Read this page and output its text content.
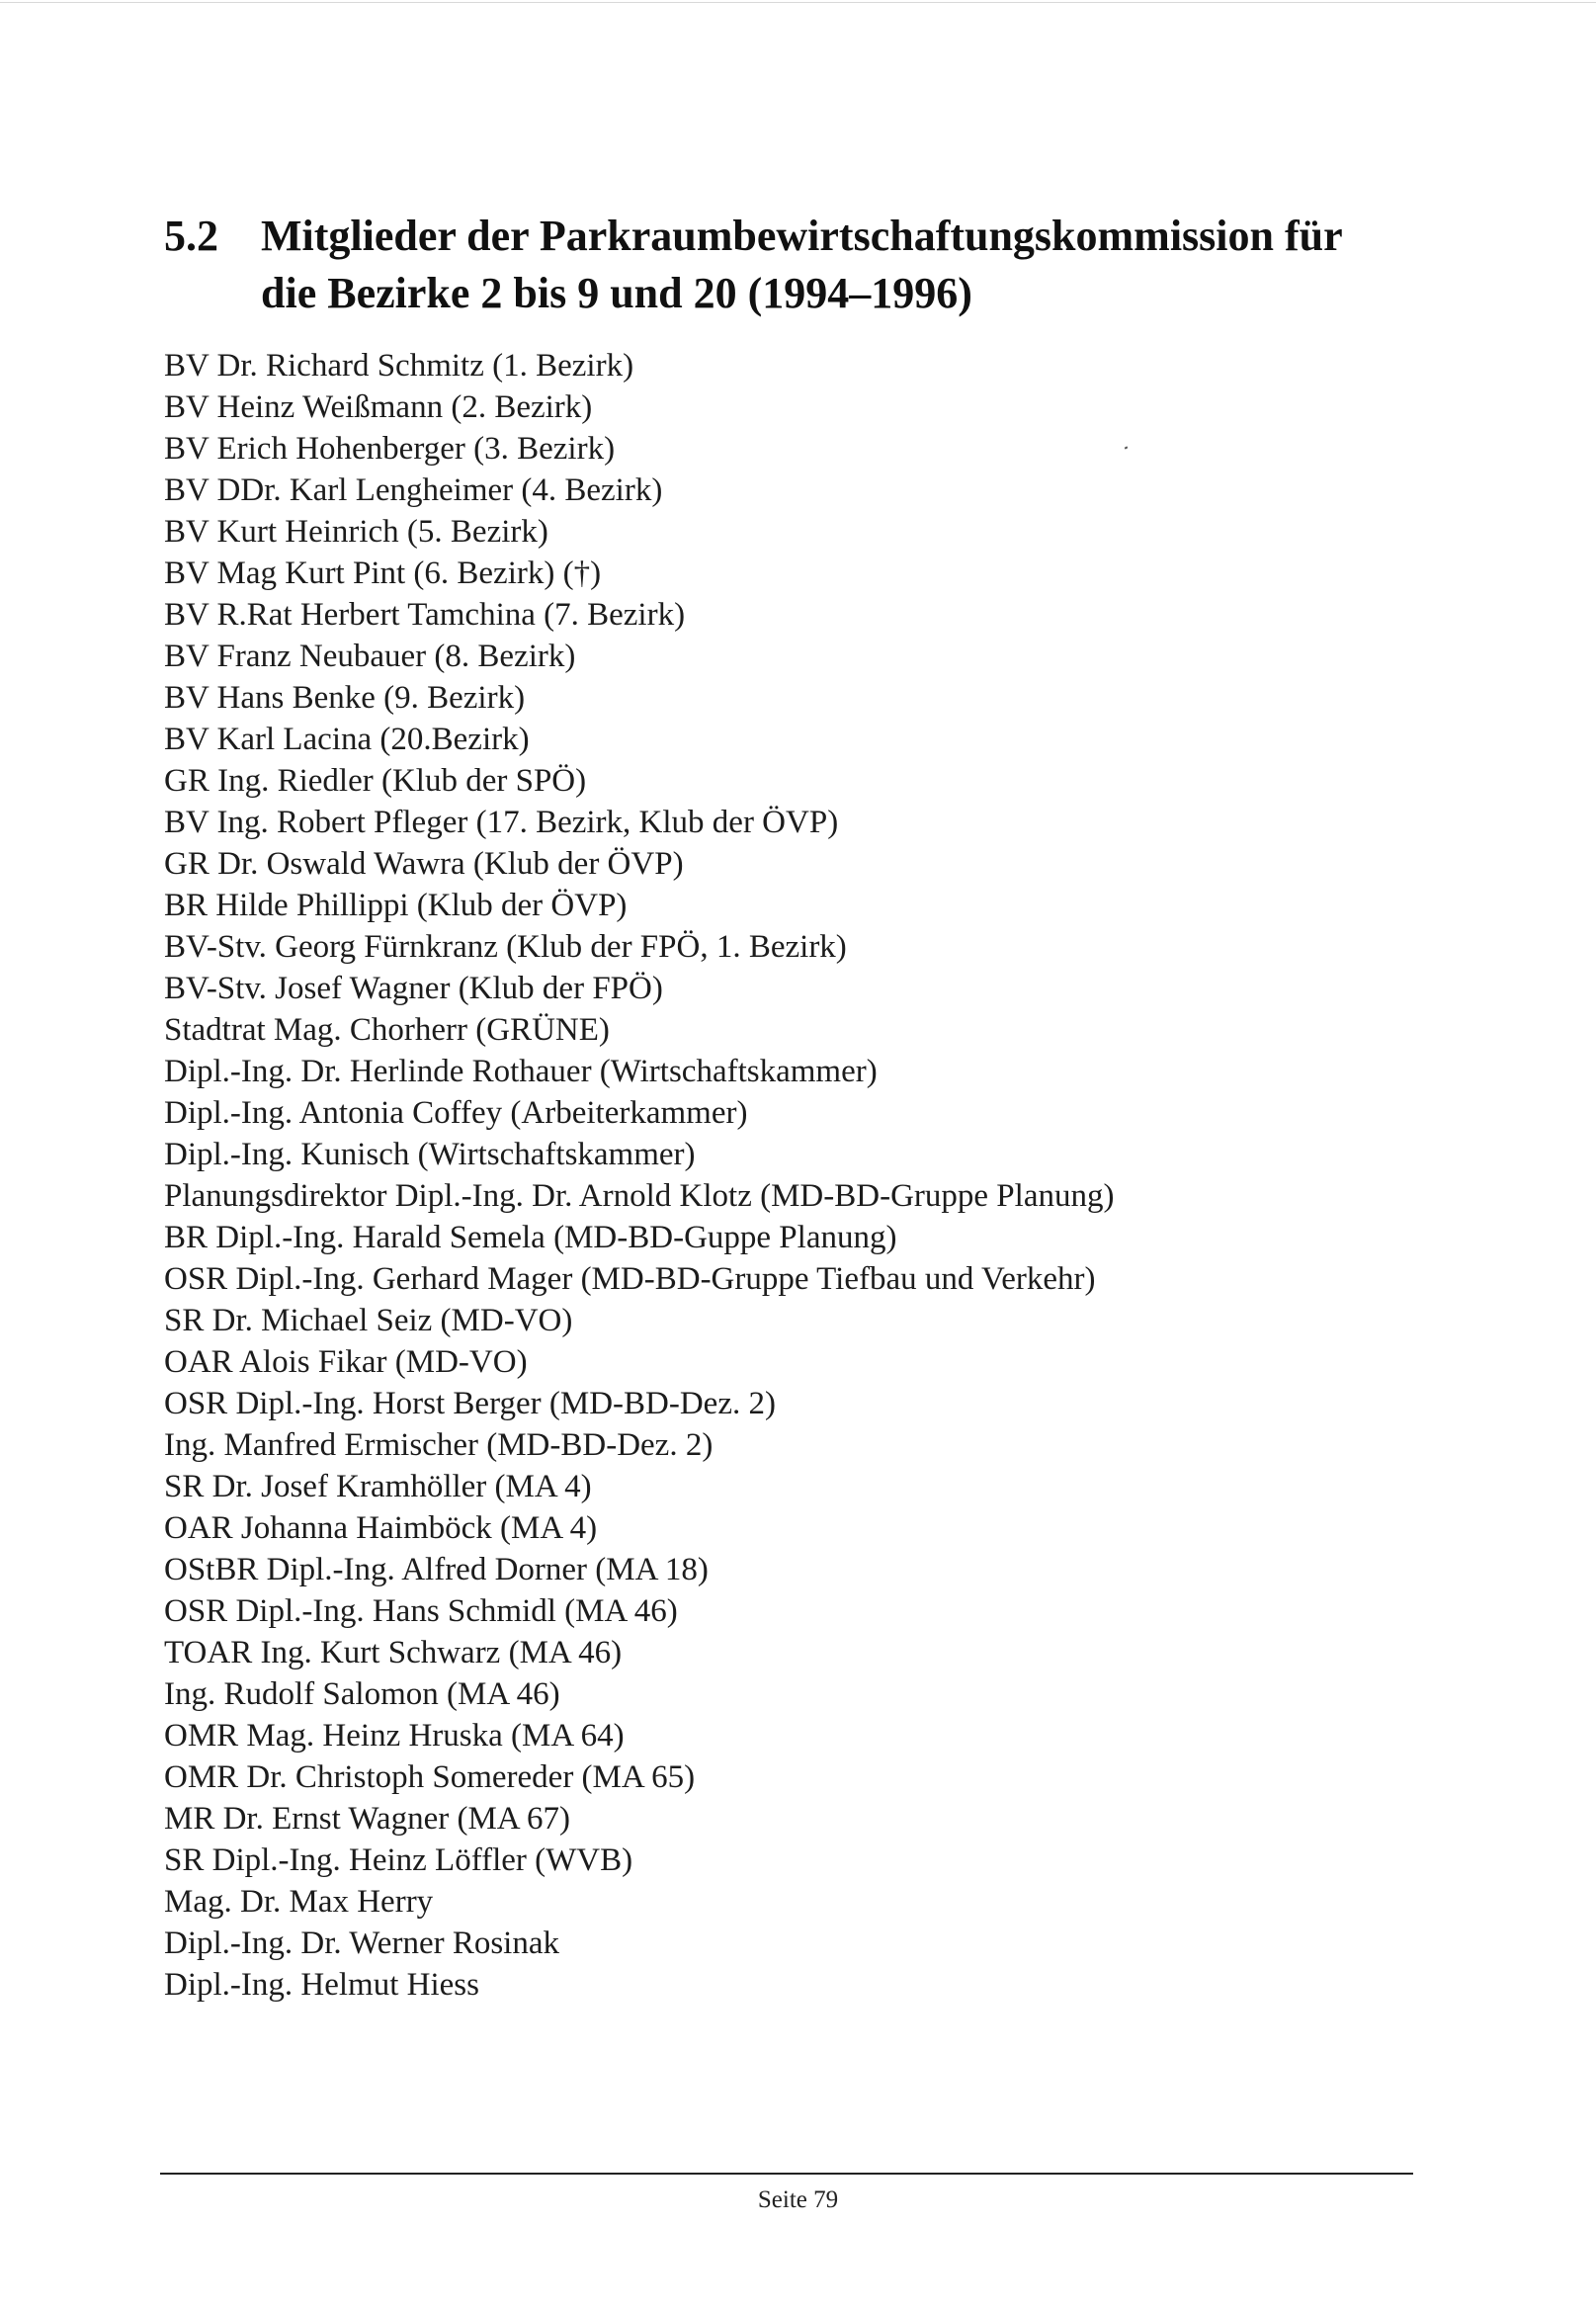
5.2 Mitglieder der Parkraumbewirtschaftungskommission für
die Bezirke 2 bis 9 und 20 (1994–1996)
BV Dr. Richard Schmitz (1. Bezirk)
BV Heinz Weißmann (2. Bezirk)
BV Erich Hohenberger (3. Bezirk)
BV DDr. Karl Lengheimer (4. Bezirk)
BV Kurt Heinrich (5. Bezirk)
BV Mag Kurt Pint (6. Bezirk) (†)
BV R.Rat Herbert Tamchina (7. Bezirk)
BV Franz Neubauer (8. Bezirk)
BV Hans Benke (9. Bezirk)
BV Karl Lacina (20.Bezirk)
GR Ing. Riedler (Klub der SPÖ)
BV Ing. Robert Pfleger (17. Bezirk, Klub der ÖVP)
GR Dr. Oswald Wawra (Klub der ÖVP)
BR Hilde Phillippi (Klub der ÖVP)
BV-Stv. Georg Fürnkranz (Klub der FPÖ, 1. Bezirk)
BV-Stv. Josef Wagner (Klub der FPÖ)
Stadtrat Mag. Chorherr (GRÜNE)
Dipl.-Ing. Dr. Herlinde Rothauer (Wirtschaftskammer)
Dipl.-Ing. Antonia Coffey (Arbeiterkammer)
Dipl.-Ing. Kunisch (Wirtschaftskammer)
Planungsdirektor Dipl.-Ing. Dr. Arnold Klotz (MD-BD-Gruppe Planung)
BR Dipl.-Ing. Harald Semela (MD-BD-Guppe Planung)
OSR Dipl.-Ing. Gerhard Mager (MD-BD-Gruppe Tiefbau und Verkehr)
SR Dr. Michael Seiz (MD-VO)
OAR Alois Fikar (MD-VO)
OSR Dipl.-Ing. Horst Berger (MD-BD-Dez. 2)
Ing. Manfred Ermischer (MD-BD-Dez. 2)
SR Dr. Josef Kramhöller (MA 4)
OAR Johanna Haimböck (MA 4)
OStBR Dipl.-Ing. Alfred Dorner (MA 18)
OSR Dipl.-Ing. Hans Schmidl (MA 46)
TOAR Ing. Kurt Schwarz (MA 46)
Ing. Rudolf Salomon (MA 46)
OMR Mag. Heinz Hruska (MA 64)
OMR Dr. Christoph Somereder (MA 65)
MR Dr. Ernst Wagner (MA 67)
SR Dipl.-Ing. Heinz Löffler (WVB)
Mag. Dr. Max Herry
Dipl.-Ing. Dr. Werner Rosinak
Dipl.-Ing. Helmut Hiess
Seite 79
